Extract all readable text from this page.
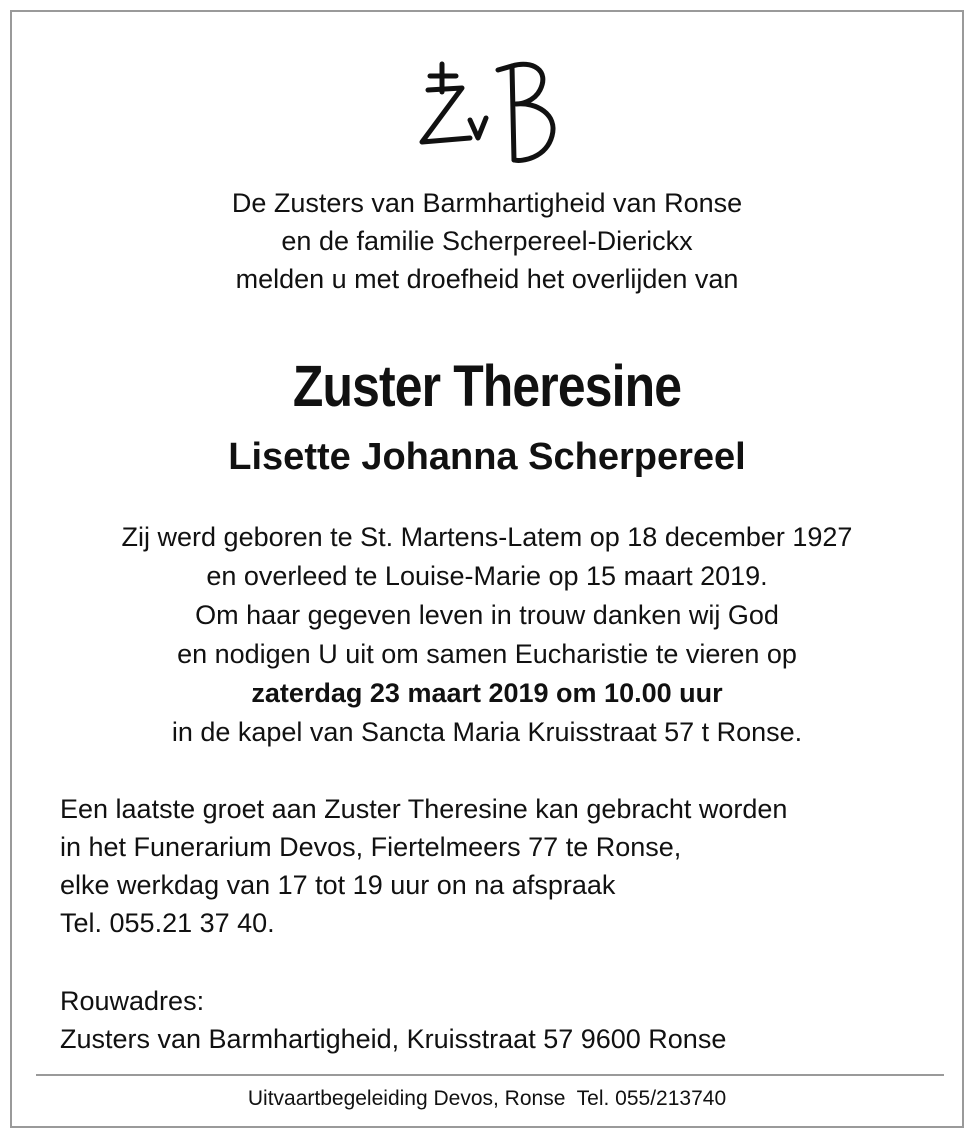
De Zusters van Barmhartigheid van Ronse
en de familie Scherpereel-Dierickx
melden u met droefheid het overlijden van
Zuster Theresine
Lisette Johanna Scherpereel
Zij werd geboren te St. Martens-Latem op 18 december 1927
en overleed te Louise-Marie op 15 maart 2019.
Om haar gegeven leven in trouw danken wij God
en nodigen U uit om samen Eucharistie te vieren op
zaterdag 23 maart 2019 om 10.00 uur
in de kapel van Sancta Maria Kruisstraat 57 t Ronse.
Een laatste groet aan Zuster Theresine kan gebracht worden
in het Funerarium Devos, Fiertelmeers 77 te Ronse,
elke werkdag van 17 tot 19 uur on na afspraak
Tel. 055.21 37 40.
Rouwadres:
Zusters van Barmhartigheid, Kruisstraat 57 9600 Ronse
Uitvaartbegeleiding Devos, Ronse  Tel. 055/213740
